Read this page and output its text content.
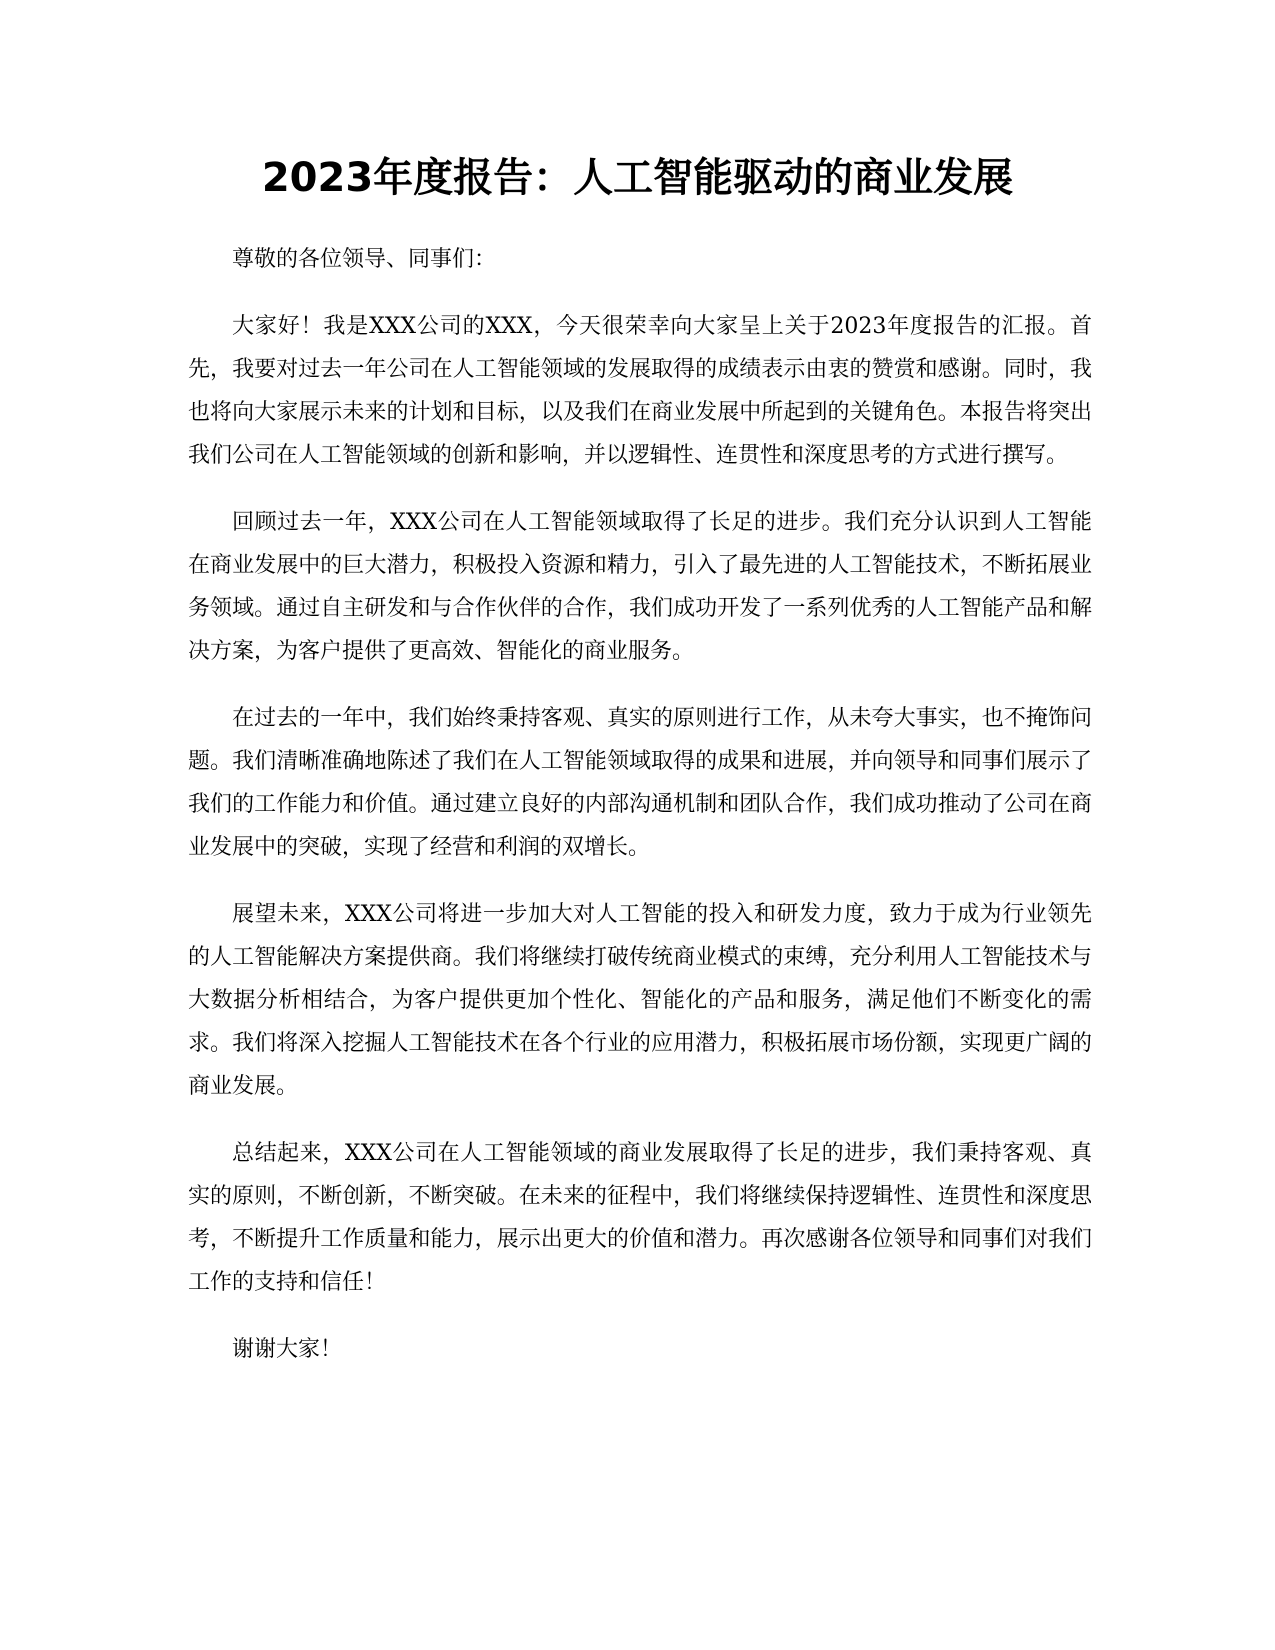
2023年度报告：人工智能驱动的商业发展

尊敬的各位领导、同事们：

大家好！我是XXX公司的XXX，今天很荣幸向大家呈上关于2023年度报告的汇报。首先，我要对过去一年公司在人工智能领域的发展取得的成绩表示由衷的赞赏和感谢。同时，我也将向大家展示未来的计划和目标，以及我们在商业发展中所起到的关键角色。本报告将突出我们公司在人工智能领域的创新和影响，并以逻辑性、连贯性和深度思考的方式进行撰写。

回顾过去一年，XXX公司在人工智能领域取得了长足的进步。我们充分认识到人工智能在商业发展中的巨大潜力，积极投入资源和精力，引入了最先进的人工智能技术，不断拓展业务领域。通过自主研发和与合作伙伴的合作，我们成功开发了一系列优秀的人工智能产品和解决方案，为客户提供了更高效、智能化的商业服务。

在过去的一年中，我们始终秉持客观、真实的原则进行工作，从未夸大事实，也不掩饰问题。我们清晰准确地陈述了我们在人工智能领域取得的成果和进展，并向领导和同事们展示了我们的工作能力和价值。通过建立良好的内部沟通机制和团队合作，我们成功推动了公司在商业发展中的突破，实现了经营和利润的双增长。

展望未来，XXX公司将进一步加大对人工智能的投入和研发力度，致力于成为行业领先的人工智能解决方案提供商。我们将继续打破传统商业模式的束缚，充分利用人工智能技术与大数据分析相结合，为客户提供更加个性化、智能化的产品和服务，满足他们不断变化的需求。我们将深入挖掘人工智能技术在各个行业的应用潜力，积极拓展市场份额，实现更广阔的商业发展。

总结起来，XXX公司在人工智能领域的商业发展取得了长足的进步，我们秉持客观、真实的原则，不断创新，不断突破。在未来的征程中，我们将继续保持逻辑性、连贯性和深度思考，不断提升工作质量和能力，展示出更大的价值和潜力。再次感谢各位领导和同事们对我们工作的支持和信任！

谢谢大家！
